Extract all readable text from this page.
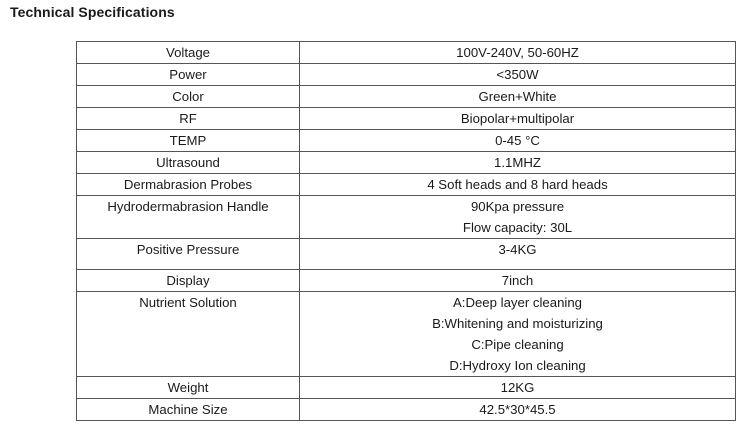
Technical Specifications
Voltage	100V-240V, 50-60HZ
Power	<350W
Color	Green+White
RF	Biopolar+multipolar
TEMP	0-45 °C
Ultrasound	1.1MHZ
Dermabrasion Probes	4 Soft heads and 8 hard heads
Hydrodermabrasion Handle	90Kpa pressure
Flow capacity: 30L

Positive Pressure	3-4KG
Display	7inch
Nutrient Solution	A:Deep layer cleaning
B:Whitening and moisturizing
C:Pipe cleaning
D:Hydroxy Ion cleaning

Weight	12KG
Machine Size	42.5*30*45.5
